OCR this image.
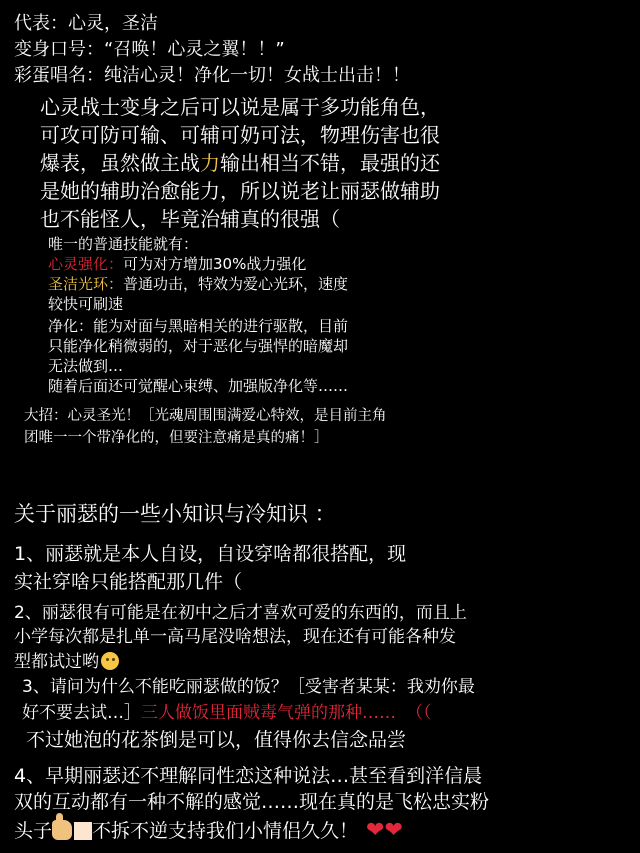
代表：心灵，圣洁
变身口号：“召唤！心灵之翼！！”
彩蛋唱名：纯洁心灵！净化一切！女战士出击！！
心灵战士变身之后可以说是属于多功能角色，
可攻可防可输、可辅可奶可法，物理伤害也很
爆表，虽然做主战力输出相当不错，最强的还
是她的辅助治愈能力，所以说老让丽瑟做辅助
也不能怪人，毕竟治辅真的很强（
唯一的普通技能就有：
心灵强化：可为对方增加30%战力强化
圣洁光环：普通功击，特效为爱心光环，速度
较快可刷速
净化：能为对面与黑暗相关的进行驱散，目前
只能净化稍微弱的，对于恶化与强悍的暗魔却
无法做到…
随着后面还可觉醒心束缚、加强版净化等……
大招：心灵圣光！［光魂周围围满爱心特效，是目前主角
团唯一一个带净化的，但要注意痛是真的痛！］
关于丽瑟的一些小知识与冷知识 ：
1、丽瑟就是本人自设，自设穿啥都很搭配，现
实社穿啥只能搭配那几件（
2、丽瑟很有可能是在初中之后才喜欢可爱的东西的，而且上
小学每次都是扎单一高马尾没啥想法，现在还有可能各种发
型都试过哟
3、请问为什么不能吃丽瑟做的饭？［受害者某某：我劝你最
好不要去试…］三人做饭里面贼毒气弹的那种…… （（
不过她泡的花茶倒是可以，值得你去信念品尝
4、早期丽瑟还不理解同性恋这种说法…甚至看到洋信晨
双的互动都有一种不解的感觉……现在真的是飞松忠实粉
头子 不拆不逆支持我们小情侣久久！ ❤❤
